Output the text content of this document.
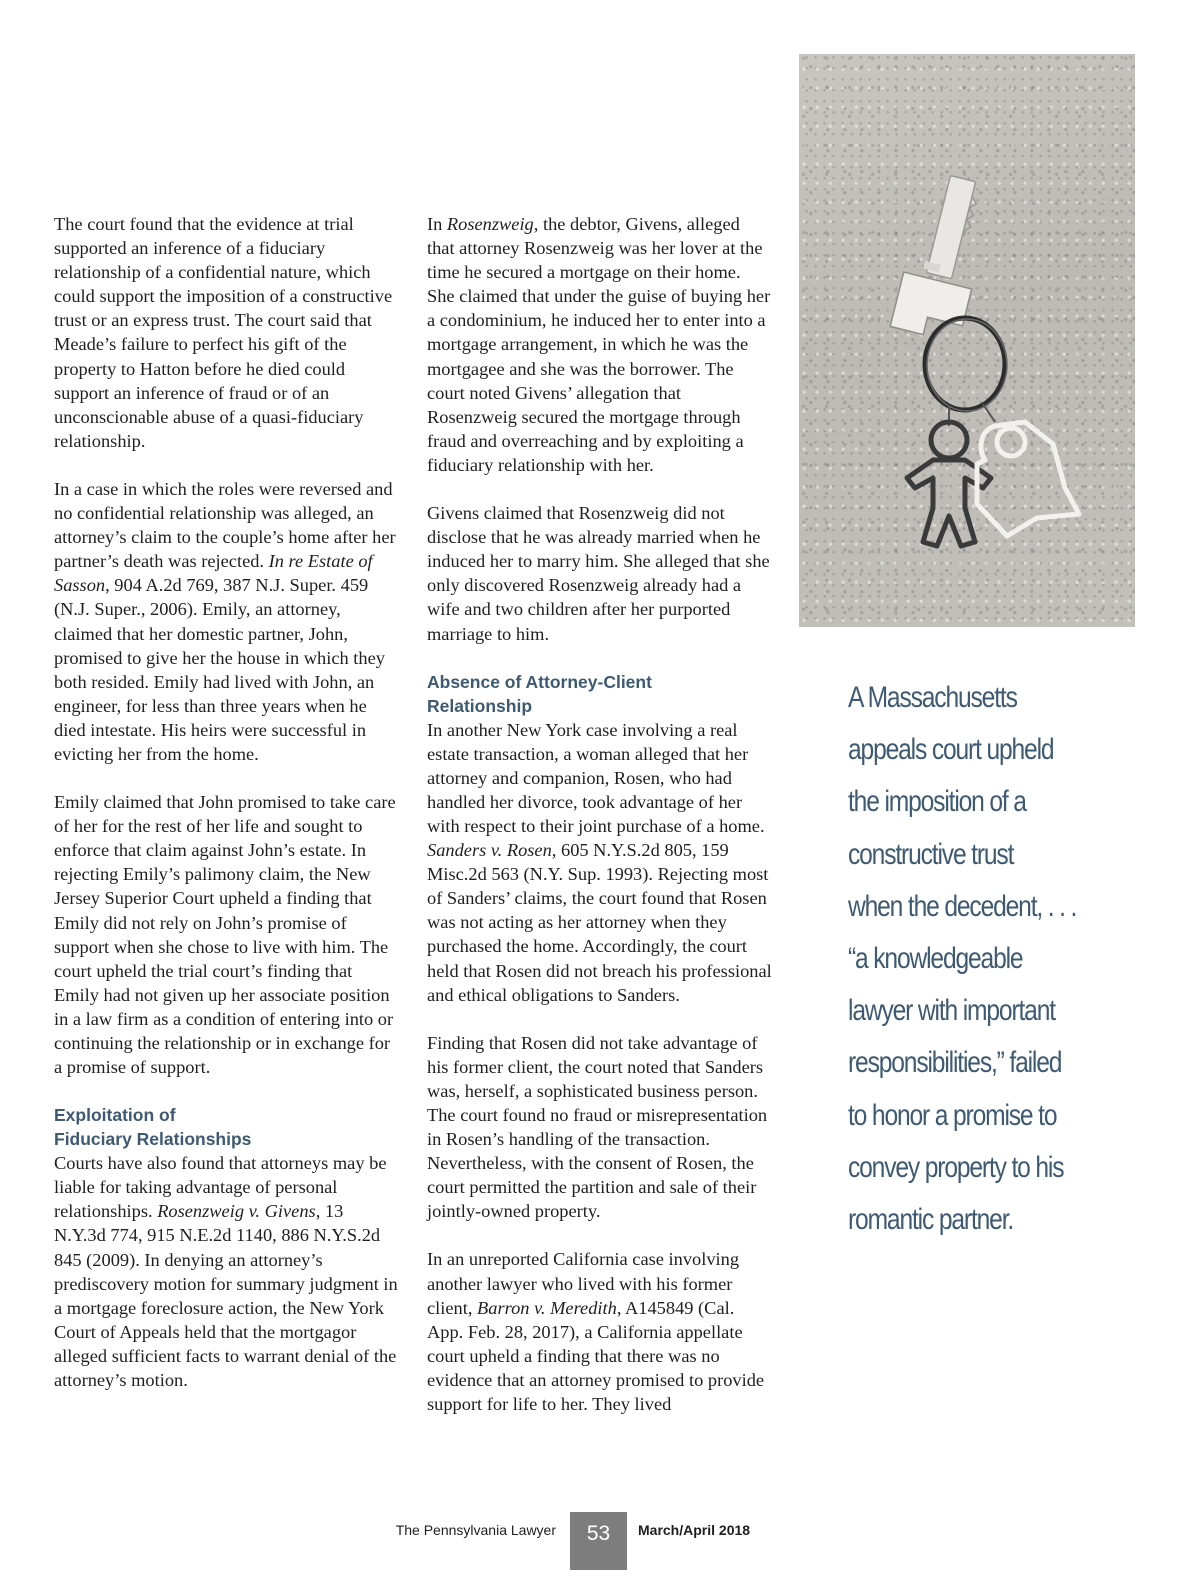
The court found that the evidence at trial supported an inference of a fiduciary relationship of a confidential nature, which could support the imposition of a constructive trust or an express trust. The court said that Meade’s failure to perfect his gift of the property to Hatton before he died could support an inference of fraud or of an unconscionable abuse of a quasi-fiduciary relationship.

In a case in which the roles were reversed and no confidential relationship was alleged, an attorney’s claim to the couple’s home after her partner’s death was rejected. In re Estate of Sasson, 904 A.2d 769, 387 N.J. Super. 459 (N.J. Super., 2006). Emily, an attorney, claimed that her domestic partner, John, promised to give her the house in which they both resided. Emily had lived with John, an engineer, for less than three years when he died intestate. His heirs were successful in evicting her from the home.

Emily claimed that John promised to take care of her for the rest of her life and sought to enforce that claim against John’s estate. In rejecting Emily’s palimony claim, the New Jersey Superior Court upheld a finding that Emily did not rely on John’s promise of support when she chose to live with him. The court upheld the trial court’s finding that Emily had not given up her associate position in a law firm as a condition of entering into or continuing the relationship or in exchange for a promise of support.

Exploitation of
Fiduciary Relationships

Courts have also found that attorneys may be liable for taking advantage of personal relationships. Rosenzweig v. Givens, 13 N.Y.3d 774, 915 N.E.2d 1140, 886 N.Y.S.2d 845 (2009). In denying an attorney’s prediscovery motion for summary judgment in a mortgage foreclosure action, the New York Court of Appeals held that the mortgagor alleged sufficient facts to warrant denial of the attorney’s motion.

In Rosenzweig, the debtor, Givens, alleged that attorney Rosenzweig was her lover at the time he secured a mortgage on their home. She claimed that under the guise of buying her a condominium, he induced her to enter into a mortgage arrangement, in which he was the mortgagee and she was the borrower. The court noted Givens’ allegation that Rosenzweig secured the mortgage through fraud and overreaching and by exploiting a fiduciary relationship with her.

Givens claimed that Rosenzweig did not disclose that he was already married when he induced her to marry him. She alleged that she only discovered Rosenzweig already had a wife and two children after her purported marriage to him.

Absence of Attorney-Client
Relationship

In another New York case involving a real estate transaction, a woman alleged that her attorney and companion, Rosen, who had handled her divorce, took advantage of her with respect to their joint purchase of a home. Sanders v. Rosen, 605 N.Y.S.2d 805, 159 Misc.2d 563 (N.Y. Sup. 1993). Rejecting most of Sanders’ claims, the court found that Rosen was not acting as her attorney when they purchased the home. Accordingly, the court held that Rosen did not breach his professional and ethical obligations to Sanders.

Finding that Rosen did not take advantage of his former client, the court noted that Sanders was, herself, a sophisticated business person. The court found no fraud or misrepresentation in Rosen’s handling of the transaction. Nevertheless, with the consent of Rosen, the court permitted the partition and sale of their jointly-owned property.

In an unreported California case involving another lawyer who lived with his former client, Barron v. Meredith, A145849 (Cal. App. Feb. 28, 2017), a California appellate court upheld a finding that there was no evidence that an attorney promised to provide support for life to her. They lived

A Massachusetts
appeals court upheld
the imposition of a
constructive trust
when the decedent, . . .
“a knowledgeable
lawyer with important
responsibilities,” failed
to honor a promise to
convey property to his
romantic partner.
The Pennsylvania Lawyer	53	March/April 2018
